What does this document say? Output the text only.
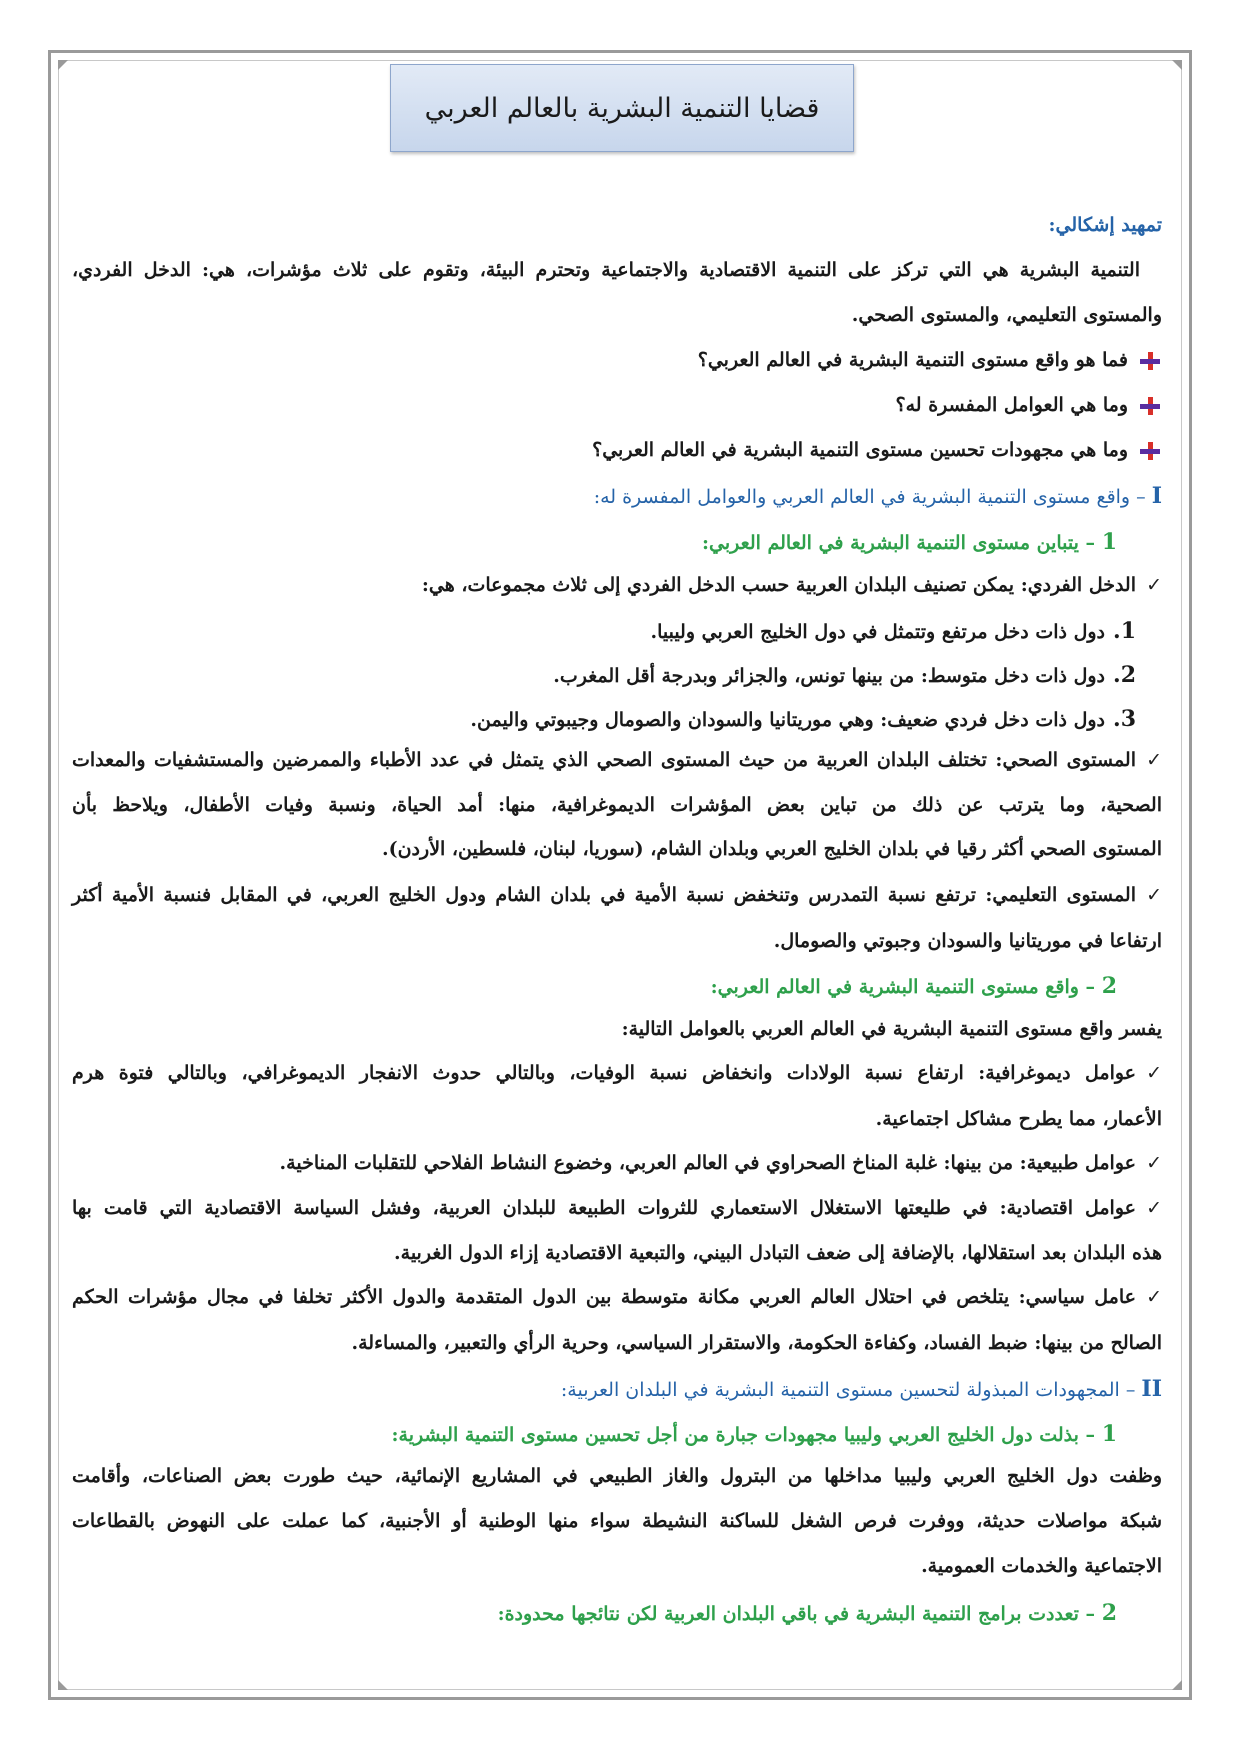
قضايا التنمية البشرية بالعالم العربي
تمهيد إشكالي:
التنمية البشرية هي التي تركز على التنمية الاقتصادية والاجتماعية وتحترم البيئة، وتقوم على ثلاث مؤشرات، هي: الدخل الفردي،
والمستوى التعليمي، والمستوى الصحي.
فما هو واقع مستوى التنمية البشرية في العالم العربي؟
وما هي العوامل المفسرة له؟
وما هي مجهودات تحسين مستوى التنمية البشرية في العالم العربي؟
I – واقع مستوى التنمية البشرية في العالم العربي والعوامل المفسرة له:
1 – يتباين مستوى التنمية البشرية في العالم العربي:
✓الدخل الفردي: يمكن تصنيف البلدان العربية حسب الدخل الفردي إلى ثلاث مجموعات، هي:
1.دول ذات دخل مرتفع وتتمثل في دول الخليج العربي وليبيا.
2.دول ذات دخل متوسط: من بينها تونس، والجزائر وبدرجة أقل المغرب.
3.دول ذات دخل فردي ضعيف: وهي موريتانيا والسودان والصومال وجيبوتي واليمن.
✓المستوى الصحي: تختلف البلدان العربية من حيث المستوى الصحي الذي يتمثل في عدد الأطباء والممرضين والمستشفيات والمعدات
الصحية، وما يترتب عن ذلك من تباين بعض المؤشرات الديموغرافية، منها: أمد الحياة، ونسبة وفيات الأطفال، ويلاحظ بأن
المستوى الصحي أكثر رقيا في بلدان الخليج العربي وبلدان الشام، (سوريا، لبنان، فلسطين، الأردن).
✓المستوى التعليمي: ترتفع نسبة التمدرس وتنخفض نسبة الأمية في بلدان الشام ودول الخليج العربي، في المقابل فنسبة الأمية أكثر
ارتفاعا في موريتانيا والسودان وجبوتي والصومال.
2 – واقع مستوى التنمية البشرية في العالم العربي:
يفسر واقع مستوى التنمية البشرية في العالم العربي بالعوامل التالية:
✓عوامل ديموغرافية: ارتفاع نسبة الولادات وانخفاض نسبة الوفيات، وبالتالي حدوث الانفجار الديموغرافي، وبالتالي فتوة هرم
الأعمار، مما يطرح مشاكل اجتماعية.
✓عوامل طبيعية: من بينها: غلبة المناخ الصحراوي في العالم العربي، وخضوع النشاط الفلاحي للتقلبات المناخية.
✓عوامل اقتصادية: في طليعتها الاستغلال الاستعماري للثروات الطبيعة للبلدان العربية، وفشل السياسة الاقتصادية التي قامت بها
هذه البلدان بعد استقلالها، بالإضافة إلى ضعف التبادل البيني، والتبعية الاقتصادية إزاء الدول الغربية.
✓عامل سياسي: يتلخص في احتلال العالم العربي مكانة متوسطة بين الدول المتقدمة والدول الأكثر تخلفا في مجال مؤشرات الحكم
الصالح من بينها: ضبط الفساد، وكفاءة الحكومة، والاستقرار السياسي، وحرية الرأي والتعبير، والمساءلة.
II – المجهودات المبذولة لتحسين مستوى التنمية البشرية في البلدان العربية:
1 – بذلت دول الخليج العربي وليبيا مجهودات جبارة من أجل تحسين مستوى التنمية البشرية:
وظفت دول الخليج العربي وليبيا مداخلها من البترول والغاز الطبيعي في المشاريع الإنمائية، حيث طورت بعض الصناعات، وأقامت
شبكة مواصلات حديثة، ووفرت فرص الشغل للساكنة النشيطة سواء منها الوطنية أو الأجنبية، كما عملت على النهوض بالقطاعات
الاجتماعية والخدمات العمومية.
2 – تعددت برامج التنمية البشرية في باقي البلدان العربية لكن نتائجها محدودة:
